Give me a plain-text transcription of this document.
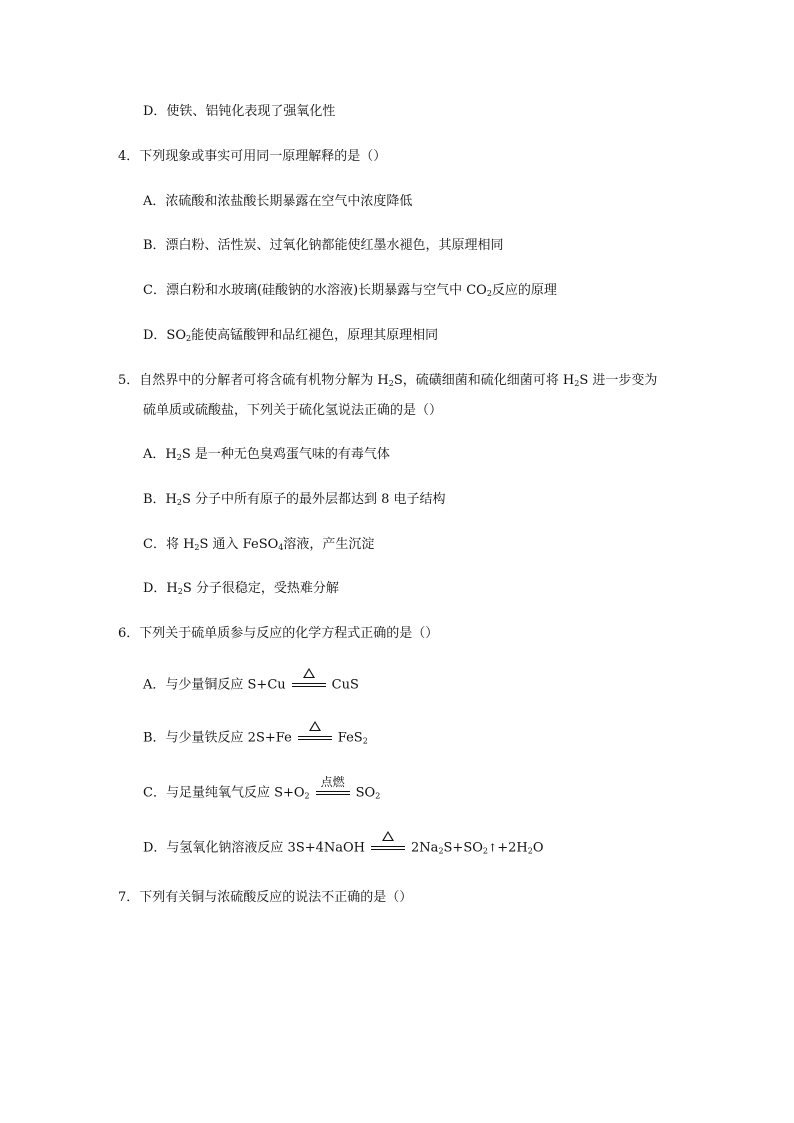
D．使铁、铝钝化表现了强氧化性
4．下列现象或事实可用同一原理解释的是（）
A．浓硫酸和浓盐酸长期暴露在空气中浓度降低
B．漂白粉、活性炭、过氧化钠都能使红墨水褪色，其原理相同
C．漂白粉和水玻璃(硅酸钠的水溶液)长期暴露与空气中 $CO_2$反应的原理
D．$SO_2$能使高锰酸钾和品红褪色，原理其原理相同
5．自然界中的分解者可将含硫有机物分解为 $H_2S$，硫磺细菌和硫化细菌可将 $H_2S$ 进一步变为
硫单质或硫酸盐，下列关于硫化氢说法正确的是（）
A．$H_2S$ 是一种无色臭鸡蛋气味的有毒气体
B．$H_2S$ 分子中所有原子的最外层都达到 8 电子结构
C．将 $H_2S$ 通入 FeSO$_4$溶液，产生沉淀
D．$H_2S$ 分子很稳定，受热难分解
6．下列关于硫单质参与反应的化学方程式正确的是（）
A．与少量铜反应 S+Cu	CuS
B．与少量铁反应 2S+Fe	FeS$_2$
C．与足量纯氧气反应 $S+O_2$
点燃
$SO_2$
D．与氢氧化钠溶液反应 3S+4NaOH	$2Na_2S+SO_2↑+2H_2O$
7．下列有关铜与浓硫酸反应的说法不正确的是（）
